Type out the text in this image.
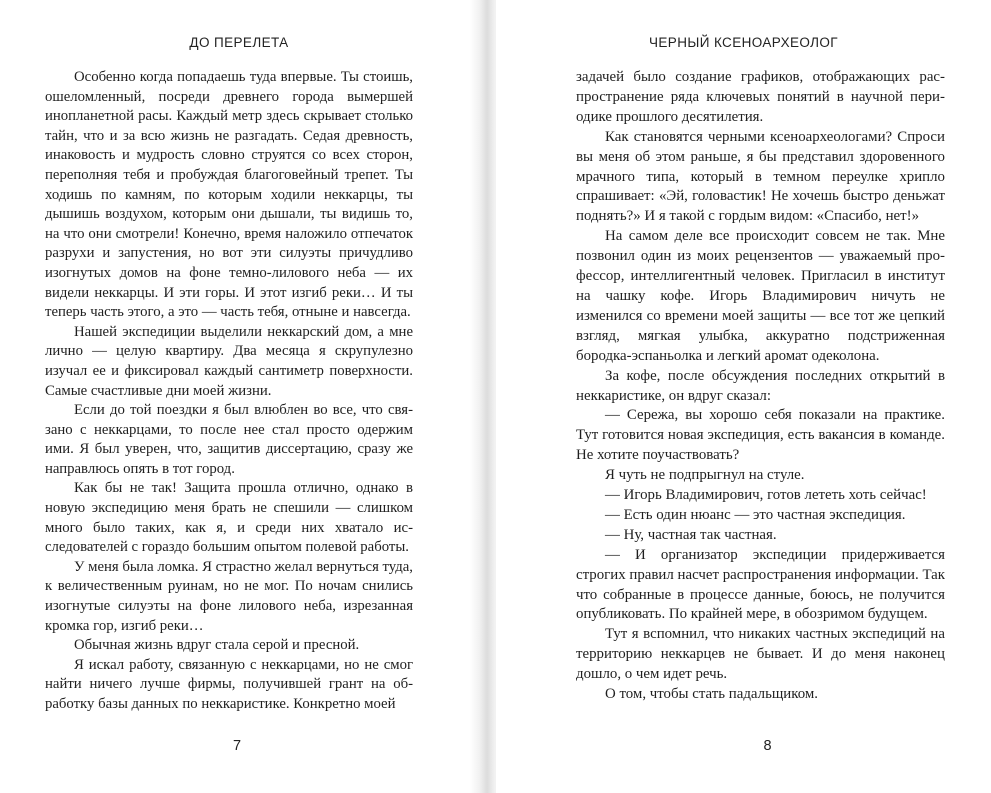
ДО ПЕРЕЛЕТА

Особенно когда попадаешь туда впервые. Ты стоишь, ошеломленный, посреди древнего города вымершей инопланетной расы. Каждый метр здесь скрывает столько тайн, что и за всю жизнь не разгадать. Седая древность, инаковость и мудрость словно струятся со всех сторон, переполняя тебя и пробуждая благоговейный трепет. Ты ходишь по камням, по которым ходили неккарцы, ты дышишь воздухом, которым они дышали, ты видишь то, на что они смотрели! Конечно, время наложило отпечаток разрухи и запустения, но вот эти силуэты причудливо изогнутых домов на фоне темно-лилового неба — их видели неккарцы. И эти горы. И этот изгиб реки… И ты теперь часть этого, а это — часть тебя, отныне и навсегда.

Нашей экспедиции выделили неккарский дом, а мне лично — целую квартиру. Два месяца я скрупулезно изучал ее и фиксировал каждый сантиметр поверхности. Самые счастливые дни моей жизни.

Если до той поездки я был влюблен во все, что связано с неккарцами, то после нее стал просто одержим ими. Я был уверен, что, защитив диссертацию, сразу же направлюсь опять в тот город.

Как бы не так! Защита прошла отлично, однако в новую экспедицию меня брать не спешили — слишком много было таких, как я, и среди них хватало исследователей с гораздо большим опытом полевой работы.

У меня была ломка. Я страстно желал вернуться туда, к величественным руинам, но не мог. По ночам снились изогнутые силуэты на фоне лилового неба, изрезанная кромка гор, изгиб реки…

Обычная жизнь вдруг стала серой и пресной.

Я искал работу, связанную с неккарцами, но не смог найти ничего лучше фирмы, получившей грант на обработку базы данных по неккаристике. Конкретно моей

7
ЧЕРНЫЙ КСЕНОАРХЕОЛОГ

задачей было создание графиков, отображающих распространение ряда ключевых понятий в научной периодике прошлого десятилетия.

Как становятся черными ксеноархеологами? Спроси вы меня об этом раньше, я бы представил здоровенного мрачного типа, который в темном переулке хрипло спрашивает: «Эй, головастик! Не хочешь быстро деньжат поднять?» И я такой с гордым видом: «Спасибо, нет!»

На самом деле все происходит совсем не так. Мне позвонил один из моих рецензентов — уважаемый профессор, интеллигентный человек. Пригласил в институт на чашку кофе. Игорь Владимирович ничуть не изменился со времени моей защиты — все тот же цепкий взгляд, мягкая улыбка, аккуратно подстриженная бородка-эспаньолка и легкий аромат одеколона.

За кофе, после обсуждения последних открытий в неккаристике, он вдруг сказал:

— Сережа, вы хорошо себя показали на практике. Тут готовится новая экспедиция, есть вакансия в команде. Не хотите поучаствовать?

Я чуть не подпрыгнул на стуле.

— Игорь Владимирович, готов лететь хоть сейчас!

— Есть один нюанс — это частная экспедиция.

— Ну, частная так частная.

— И организатор экспедиции придерживается строгих правил насчет распространения информации. Так что собранные в процессе данные, боюсь, не получится опубликовать. По крайней мере, в обозримом будущем.

Тут я вспомнил, что никаких частных экспедиций на территорию неккарцев не бывает. И до меня наконец дошло, о чем идет речь.

О том, чтобы стать падальщиком.

8
